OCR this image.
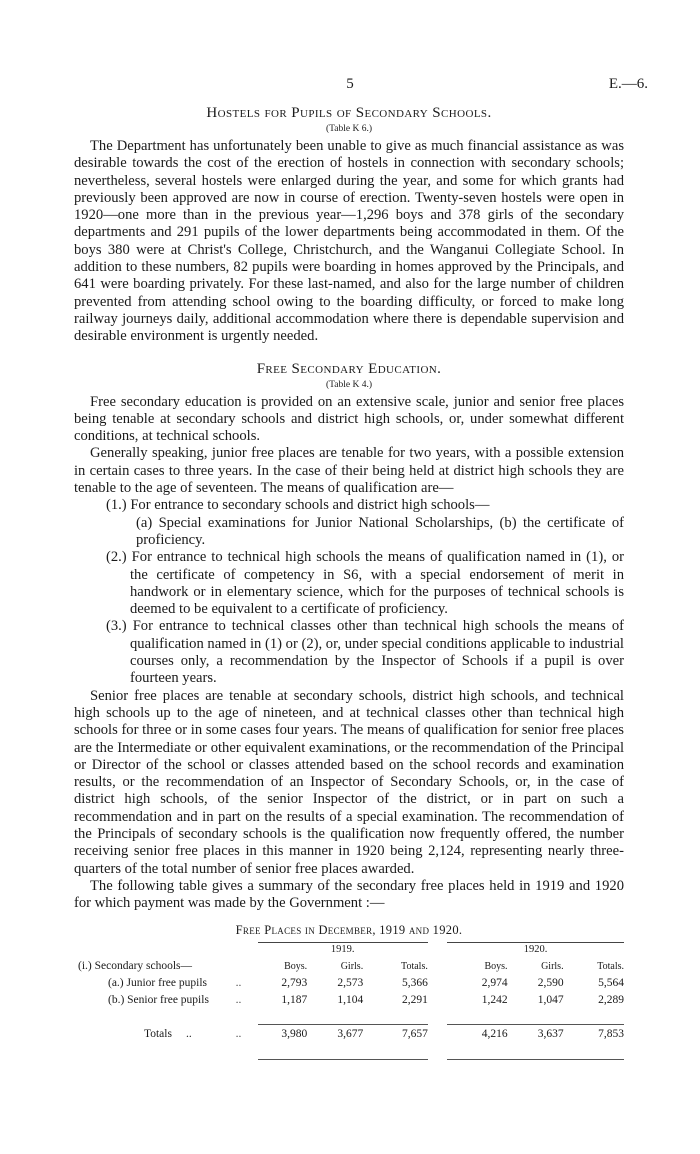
5	E.—6.
Hostels for Pupils of Secondary Schools.
(Table K 6.)

The Department has unfortunately been unable to give as much financial assistance as was desirable towards the cost of the erection of hostels in connection with secondary schools; nevertheless, several hostels were enlarged during the year, and some for which grants had previously been approved are now in course of erection. Twenty-seven hostels were open in 1920—one more than in the previous year—1,296 boys and 378 girls of the secondary departments and 291 pupils of the lower departments being accommodated in them. Of the boys 380 were at Christ's College, Christchurch, and the Wanganui Collegiate School. In addition to these numbers, 82 pupils were boarding in homes approved by the Principals, and 641 were boarding privately. For these last-named, and also for the large number of children prevented from attending school owing to the boarding difficulty, or forced to make long railway journeys daily, additional accommodation where there is dependable supervision and desirable environment is urgently needed.

Free Secondary Education.
(Table K 4.)

Free secondary education is provided on an extensive scale, junior and senior free places being tenable at secondary schools and district high schools, or, under somewhat different conditions, at technical schools.

Generally speaking, junior free places are tenable for two years, with a possible extension in certain cases to three years. In the case of their being held at district high schools they are tenable to the age of seventeen. The means of qualification are—

(1.) For entrance to secondary schools and district high schools—
(a) Special examinations for Junior National Scholarships, (b) the certificate of proficiency.
(2.) For entrance to technical high schools the means of qualification named in (1), or the certificate of competency in S6, with a special endorsement of merit in handwork or in elementary science, which for the purposes of technical schools is deemed to be equivalent to a certificate of proficiency.
(3.) For entrance to technical classes other than technical high schools the means of qualification named in (1) or (2), or, under special conditions applicable to industrial courses only, a recommendation by the Inspector of Schools if a pupil is over fourteen years.

Senior free places are tenable at secondary schools, district high schools, and technical high schools up to the age of nineteen, and at technical classes other than technical high schools for three or in some cases four years. The means of qualification for senior free places are the Intermediate or other equivalent examinations, or the recommendation of the Principal or Director of the school or classes attended based on the school records and examination results, or the recommendation of an Inspector of Secondary Schools, or, in the case of district high schools, of the senior Inspector of the district, or in part on such a recommendation and in part on the results of a special examination. The recommendation of the Principals of secondary schools is the qualification now frequently offered, the number receiving senior free places in this manner in 1920 being 2,124, representing nearly three-quarters of the total number of senior free places awarded.

The following table gives a summary of the secondary free places held in 1919 and 1920 for which payment was made by the Government :—

Free Places in December, 1919 and 1920.
		1919.				1920.		
(i.) Secondary schools—		Boys.	Girls.	Totals.		Boys.	Girls.	Totals.
(a.) Junior free pupils	..	2,793	2,573	5,366		2,974	2,590	5,564
(b.) Senior free pupils	..	1,187	1,104	2,291		1,242	1,047	2,289

Totals ..	..	3,980	3,677	7,657		4,216	3,637	7,853
